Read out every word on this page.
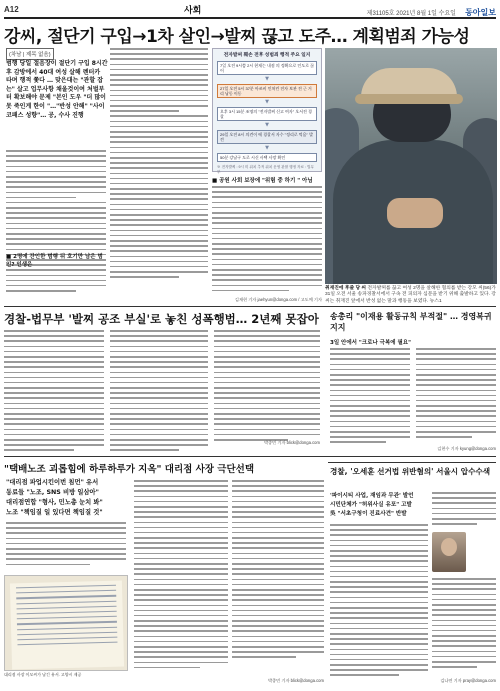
A12	사회	제31105호 2021년 8월 1일 수요일 동아일보
강씨, 절단기 구입→1차 살인→발찌 끊고 도주… 계획범죄 가능성
(차남 | 제목 없음)
범행 당일 절음장이 절단기 구입 8시간 후 감방에서 40대 여성 살해 렌터카 타며 행적 쫓다 … 맞은대는 "관할 잡는" 살고 업무사항 채울것이여 처벌부터 확보해야 문제 "본인 도우 "더 많이 못 죽인게 한이 "…"반성 안해" "사이코패스 성향"… 공, 수사 진행
■ 2명에 잔인한 범행 뒤 호기만 남은 범인? 인생은
전자발찌 훼손 전후 성범죄 행적 주요 일지
7일 오전 9시쯤 2시 현재는 내점 의 정확으로 인도로 끊어
▼
27일 오전 5시 37분 아쓰비 인처린 전자 보관 전 근 거리 남동 이동
▼
오후 3시 15분 조명의 "전자발찌 신고 여자" 오서전 경찰
▼
29일 오전 8시 의견이 에 경찰서 자수 "정리로 먹음" 발견
▼
50분 강남구 도로 시신 사택 사망 확인
※ 전자발찌 : 9시 미 위치 추적 위치 운영 관찰 행정 자료 : 법무부
■ 공원 사회 보장에 "위험 중 하기 " 아님
김재현 기자 jaehyun@donga.com / 고도예 기자
취재진에 후줄 당 씨 전자발찌를 끊고 여성 2명을 살해한 혐의를 받는 강모 씨(56)가 31일 오전 서울 송파경찰서에서 구속 전 피의자 심문을 받기 위해 출발하고 있다. 강씨는 취재진 앞에서 반성 없는 말과 행동을 보였다. 뉴스1
경찰-법무부 '발찌 공조 부실'로 놓친 성폭행범… 2년째 못잡아
박종민 기자 blick@donga.com
송총리 "이재용 활동규칙 부적절" … 경영복귀 지지
3일 안에서 "크로나 극복에 필요"
김현수 기자 kyung@donga.com
"택배노조 괴롭힘에 하루하루가 지옥" 대리점 사장 극단선택
"대리점 파업시킨이번 침먼" 유서
동료들 "노조, SNS 비방 일삼아"
대리점연합 "형사, 민노총 눈치 봐"
노조 "책임질 일 있다면 책임질 것"
대리점 사장 이모씨가 남긴 유서. 고양시 제공
박종민 기자 blick@donga.com
경찰, '오세훈 선거법 위반혐의' 서울시 압수수색
'파이시티 사업, 재임과 무관' 발언
시민단체가 "허위사실 유포" 고발
吳 "서초구청이 진료사견" 반발
김나연 기자 pray@donga.com
